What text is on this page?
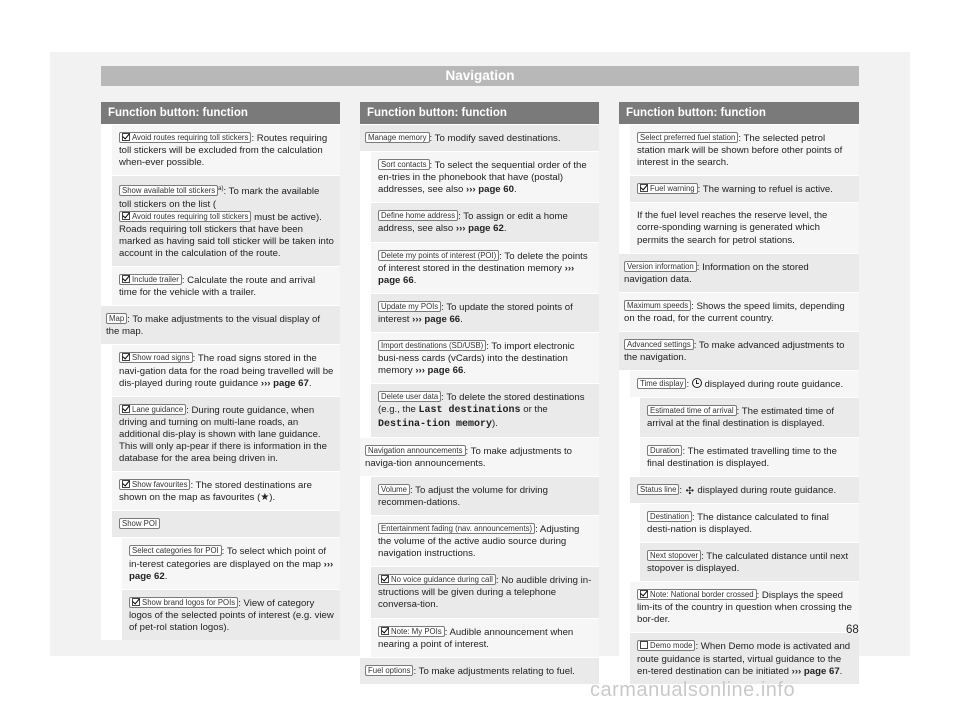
Navigation
Function button: function
Avoid routes requiring toll stickers : Routes requiring toll stickers will be excluded from the calculation when-ever possible.
Show available toll stickers $^{a)}$: To mark the available toll stickers on the list (Avoid routes requiring toll stickers must be active).
Roads requiring toll stickers that have been marked as having said toll sticker will be taken into account in the calculation of the route.
Include trailer : Calculate the route and arrival time for the vehicle with a trailer.
Map : To make adjustments to the visual display of the map.
Show road signs : The road signs stored in the navi-gation data for the road being travelled will be dis-played during route guidance ››› page 67.
Lane guidance : During route guidance, when driving and turning on multi-lane roads, an additional dis-play is shown with lane guidance. This will only ap-pear if there is information in the database for the area being driven in.
Show favourites : The stored destinations are shown on the map as favourites (★).
Show POI
Select categories for POI : To select which point of in-terest categories are displayed on the map ››› page 62.
Show brand logos for POIs : View of category logos of the selected points of interest (e.g. view of pet-rol station logos).
Function button: function
Manage memory : To modify saved destinations.
Sort contacts : To select the sequential order of the en-tries in the phonebook that have (postal) addresses, see also ››› page 60.
Define home address : To assign or edit a home address, see also ››› page 62.
Delete my points of interest (POI) : To delete the points of interest stored in the destination memory ››› page 66.
Update my POIs : To update the stored points of interest ››› page 66.
Import destinations (SD/USB) : To import electronic busi-ness cards (vCards) into the destination memory ››› page 66.
Delete user data : To delete the stored destinations (e.g., the Last destinations or the Destina-tion memory).
Navigation announcements : To make adjustments to naviga-tion announcements.
Volume : To adjust the volume for driving recommen-dations.
Entertainment fading (nav. announcements) : Adjusting the volume of the active audio source during navigation instructions.
No voice guidance during call : No audible driving in-structions will be given during a telephone conversa-tion.
Note: My POIs : Audible announcement when nearing a point of interest.
Fuel options : To make adjustments relating to fuel.
Function button: function
Select preferred fuel station : The selected petrol station mark will be shown before other points of interest in the search.
Fuel warning : The warning to refuel is active.
If the fuel level reaches the reserve level, the corre-sponding warning is generated which permits the search for petrol stations.
Version information : Information on the stored navigation data.
Maximum speeds : Shows the speed limits, depending on the road, for the current country.
Advanced settings : To make advanced adjustments to the navigation.
Time display :  displayed during route guidance.
Estimated time of arrival : The estimated time of arrival at the final destination is displayed.
Duration : The estimated travelling time to the final destination is displayed.
Status line : ✣ displayed during route guidance.
Destination : The distance calculated to final desti-nation is displayed.
Next stopover : The calculated distance until next stopover is displayed.
Note: National border crossed : Displays the speed lim-its of the country in question when crossing the bor-der.
Demo mode : When Demo mode is activated and route guidance is started, virtual guidance to the en-tered destination can be initiated ››› page 67.
68
carmanualsonline.info
